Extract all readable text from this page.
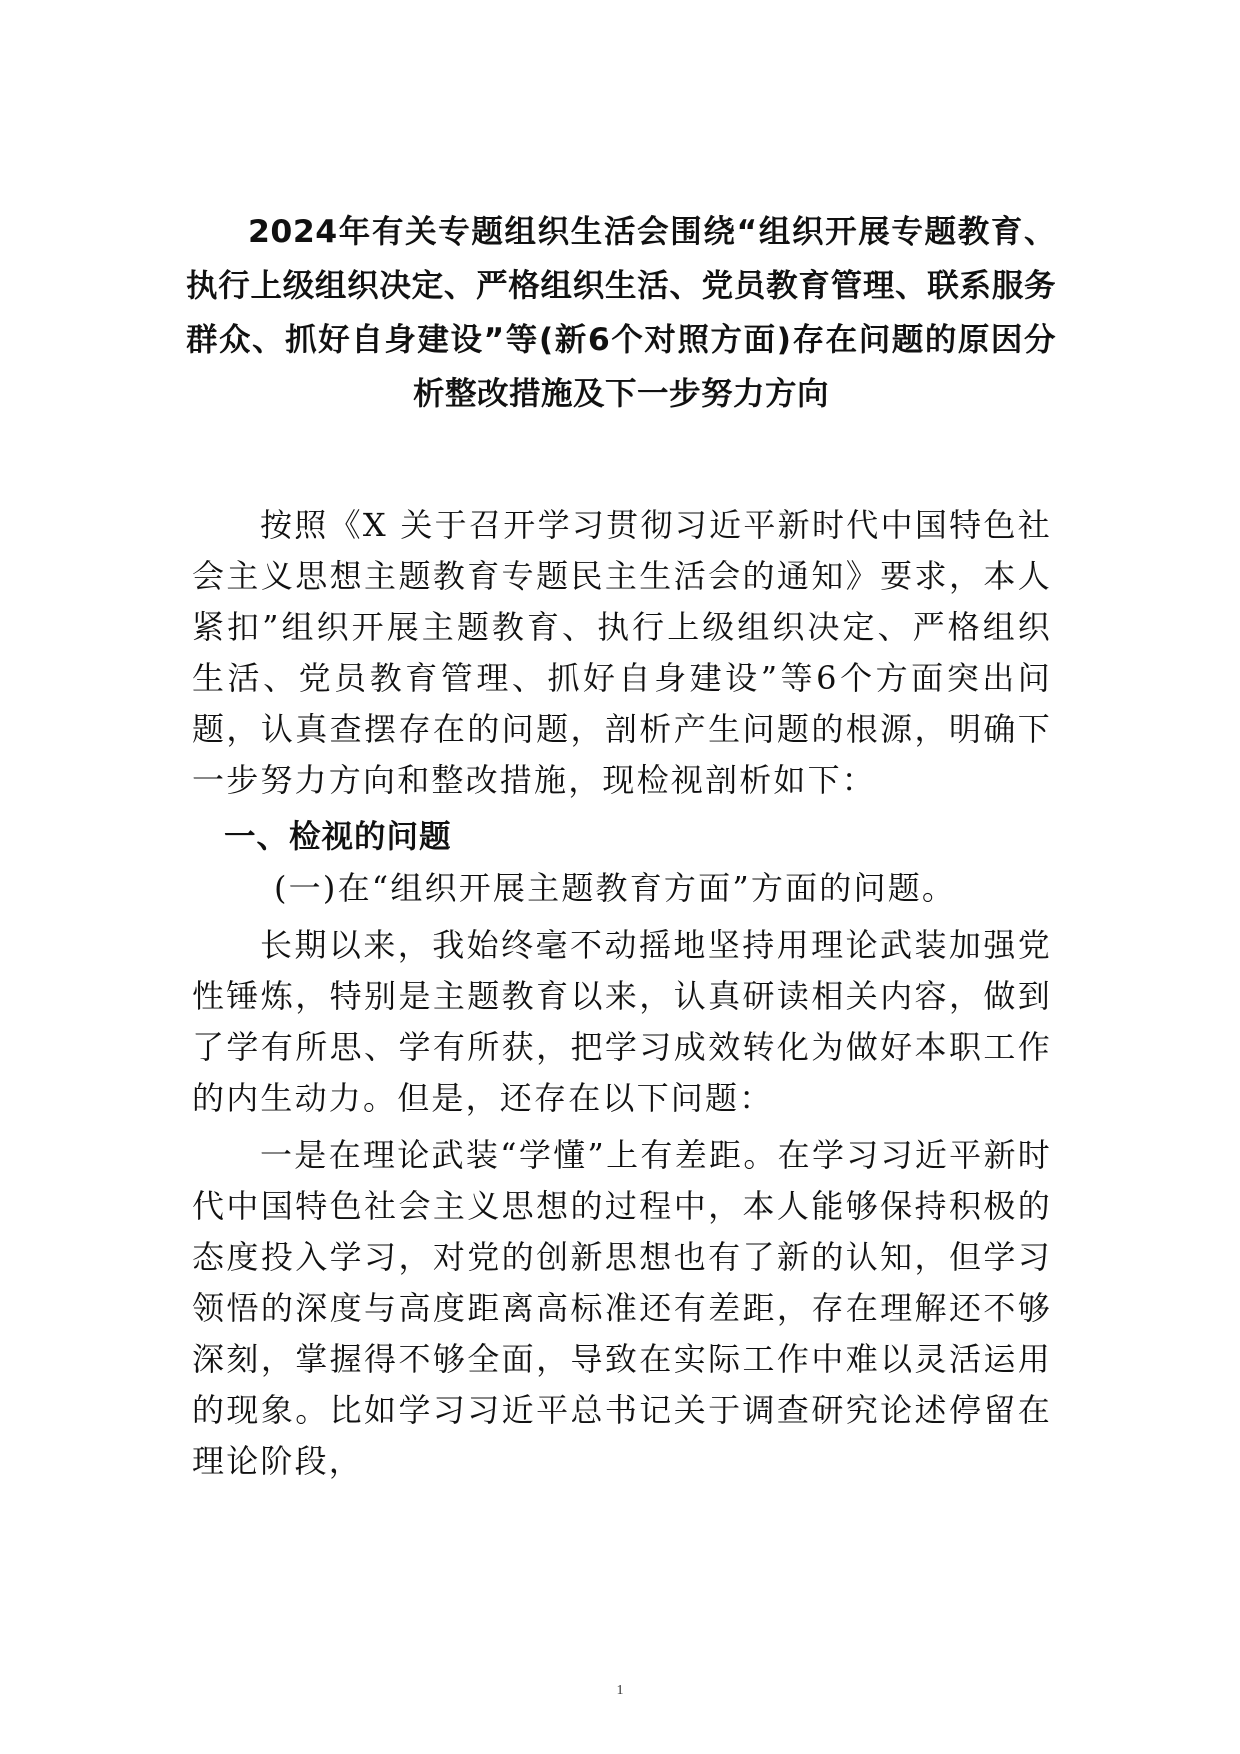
2024年有关专题组织生活会围绕“组织开展专题教育、执行上级组织决定、严格组织生活、党员教育管理、联系服务群众、抓好自身建设”等(新6个对照方面)存在问题的原因分析整改措施及下一步努力方向

按照《X 关于召开学习贯彻习近平新时代中国特色社会主义思想主题教育专题民主生活会的通知》要求，本人紧扣”组织开展主题教育、执行上级组织决定、严格组织生活、党员教育管理、抓好自身建设”等6个方面突出问题，认真查摆存在的问题，剖析产生问题的根源，明确下一步努力方向和整改措施，现检视剖析如下：

一、检视的问题

(一)在“组织开展主题教育方面”方面的问题。

长期以来，我始终毫不动摇地坚持用理论武装加强党性锤炼，特别是主题教育以来，认真研读相关内容，做到了学有所思、学有所获，把学习成效转化为做好本职工作的内生动力。但是，还存在以下问题：

一是在理论武装“学懂”上有差距。在学习习近平新时代中国特色社会主义思想的过程中，本人能够保持积极的态度投入学习，对党的创新思想也有了新的认知，但学习领悟的深度与高度距离高标准还有差距，存在理解还不够深刻，掌握得不够全面，导致在实际工作中难以灵活运用的现象。比如学习习近平总书记关于调查研究论述停留在理论阶段，

1
